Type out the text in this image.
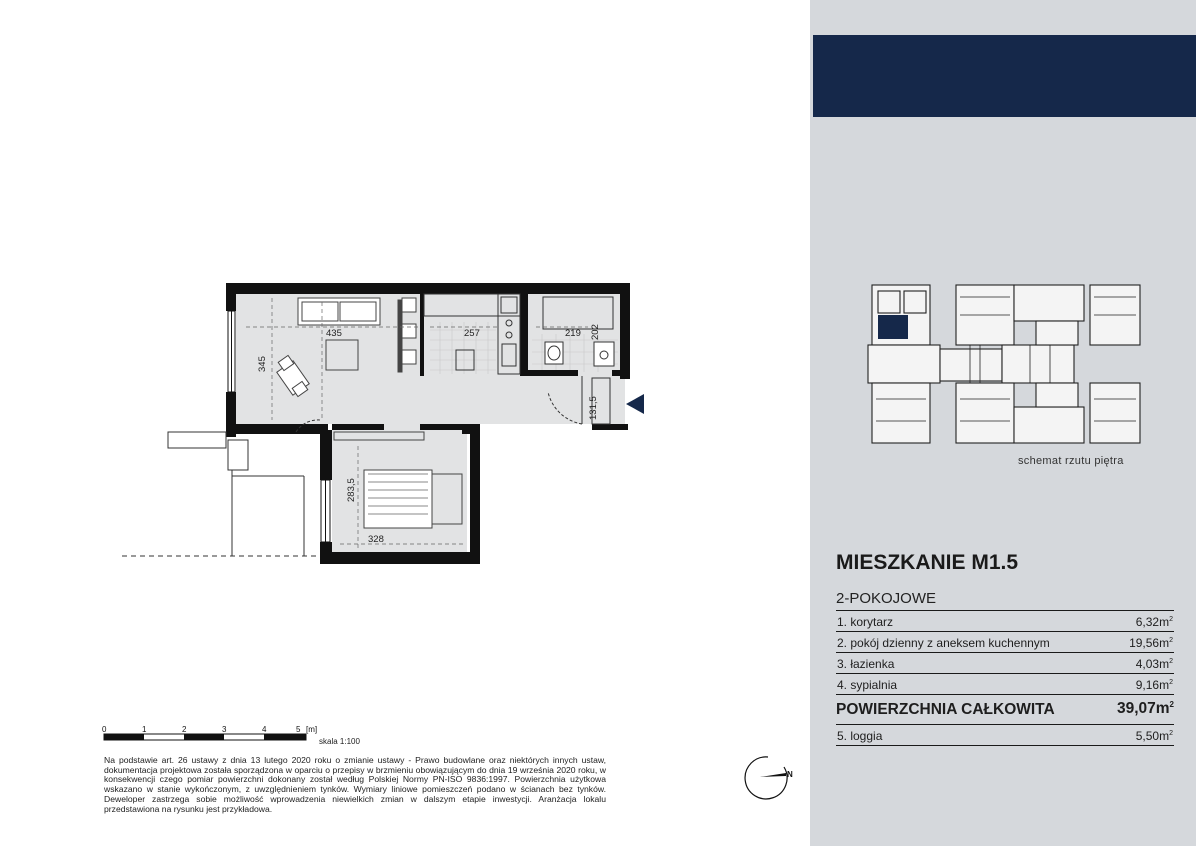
435	257	219 202
345
131,5
283,5
328
0	1	2	3	4	5 [m]
skala 1:100
Na podstawie art. 26 ustawy z dnia 13 lutego 2020 roku o zmianie ustawy - Prawo budowlane oraz niektórych innych ustaw, dokumentacja projektowa została sporządzona w oparciu o przepisy w brzmieniu obowiązującym do dnia 19 września 2020 roku, w konsekwencji czego pomiar powierzchni dokonany został według Polskiej Normy PN-ISO 9836:1997. Powierzchnia użytkowa wskazano w stanie wykończonym, z uwzględnieniem tynków. Wymiary liniowe pomieszczeń podano w ścianach bez tynków. Deweloper zastrzega sobie możliwość wprowadzenia niewielkich zmian w dalszym etapie inwestycji. Aranżacja lokalu przedstawiona na rysunku jest przykładowa.
N
schemat rzutu piętra
MIESZKANIE M1.5
2-POKOJOWE
1. korytarz	$6,32m^2$
2. pokój dzienny z aneksem kuchennym	$19,56m^2$
3. łazienka	$4,03m^2$
4. sypialnia	$9,16m^2$
POWIERZCHNIA CAŁKOWITA	$39,07m^2$
5. loggia	$5,50m^2$
